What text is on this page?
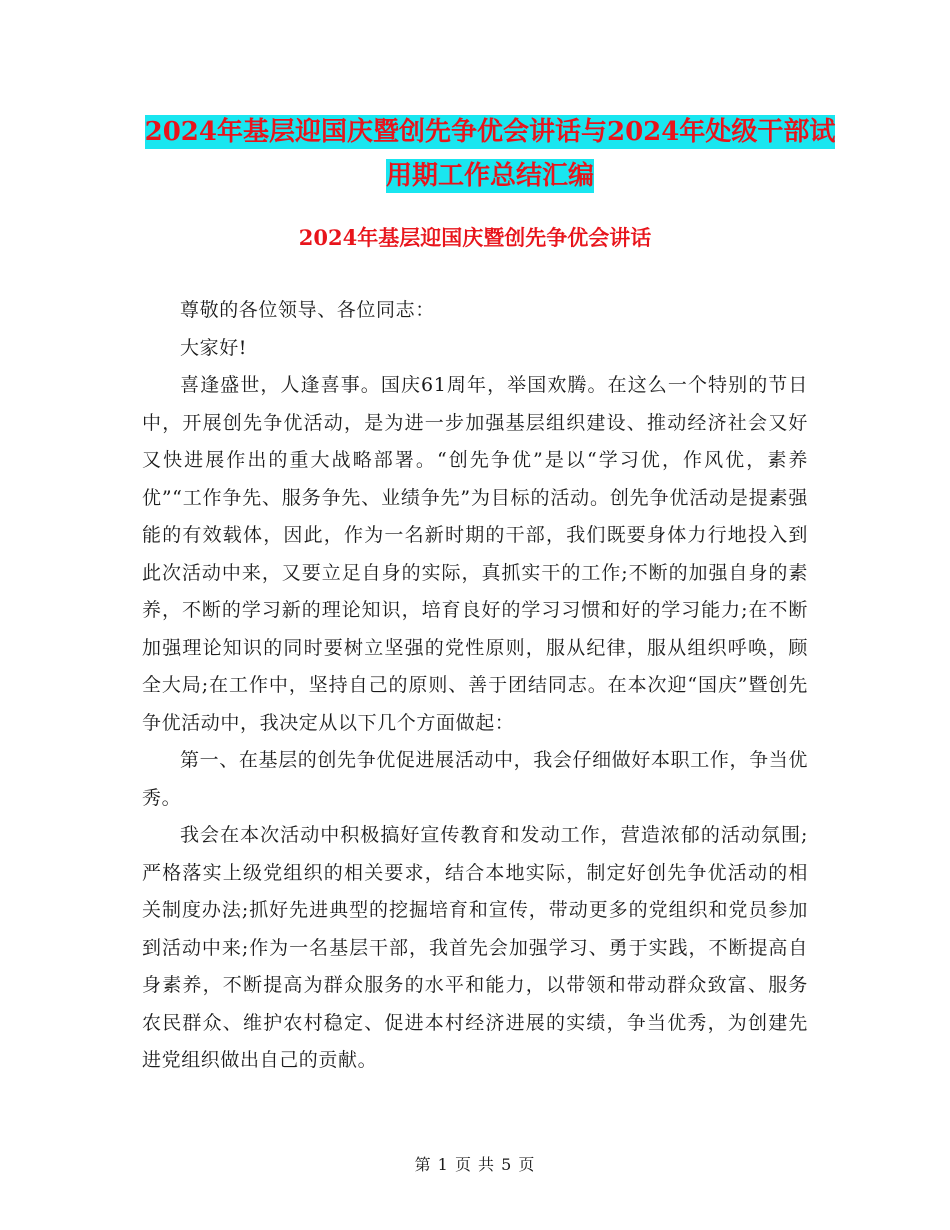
2024年基层迎国庆暨创先争优会讲话与2024年处级干部试用期工作总结汇编
2024年基层迎国庆暨创先争优会讲话

尊敬的各位领导、各位同志：

大家好!

喜逢盛世，人逢喜事。国庆61周年，举国欢腾。在这么一个特别的节日中，开展创先争优活动，是为进一步加强基层组织建设、推动经济社会又好又快进展作出的重大战略部署。“创先争优”是以“学习优，作风优，素养优”“工作争先、服务争先、业绩争先”为目标的活动。创先争优活动是提素强能的有效载体，因此，作为一名新时期的干部，我们既要身体力行地投入到此次活动中来，又要立足自身的实际，真抓实干的工作;不断的加强自身的素养，不断的学习新的理论知识，培育良好的学习习惯和好的学习能力;在不断加强理论知识的同时要树立坚强的党性原则，服从纪律，服从组织呼唤，顾全大局;在工作中，坚持自己的原则、善于团结同志。在本次迎“国庆”暨创先争优活动中，我决定从以下几个方面做起：

第一、在基层的创先争优促进展活动中，我会仔细做好本职工作，争当优秀。

我会在本次活动中积极搞好宣传教育和发动工作，营造浓郁的活动氛围;严格落实上级党组织的相关要求，结合本地实际，制定好创先争优活动的相关制度办法;抓好先进典型的挖掘培育和宣传，带动更多的党组织和党员参加到活动中来;作为一名基层干部，我首先会加强学习、勇于实践，不断提高自身素养，不断提高为群众服务的水平和能力，以带领和带动群众致富、服务农民群众、维护农村稳定、促进本村经济进展的实绩，争当优秀，为创建先进党组织做出自己的贡献。

第 1 页 共 5 页
